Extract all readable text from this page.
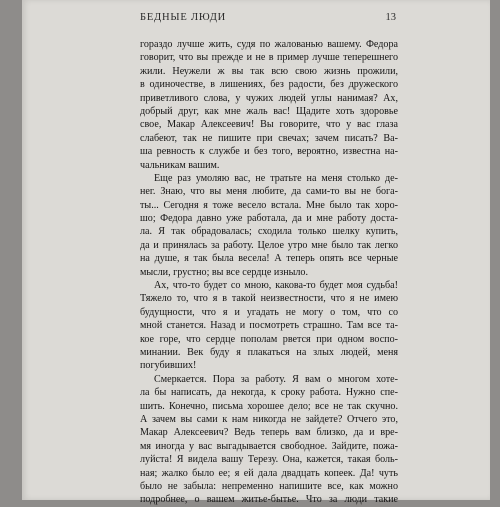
БЕДНЫЕ ЛЮДИ	13
гораздо лучше жить, судя по жалованью вашему. Федора
говорит, что вы прежде и не в пример лучше теперешнего
жили. Неужели ж вы так всю свою жизнь прожили,
в одиночестве, в лишениях, без радости, без дружеского
приветливого слова, у чужих людей углы нанимая? Ах,
добрый друг, как мне жаль вас! Щадите хоть здоровье
свое, Макар Алексеевич! Вы говорите, что у вас глаза
слабеют, так не пишите при свечах; зачем писать? Ва-
ша ревность к службе и без того, вероятно, известна на-
чальникам вашим.
Еще раз умоляю вас, не тратьте на меня столько де-
нег. Знаю, что вы меня любите, да сами-то вы не бога-
ты... Сегодня я тоже весело встала. Мне было так хоро-
шо; Федора давно уже работала, да и мне работу доста-
ла. Я так обрадовалась; сходила только шелку купить,
да и принялась за работу. Целое утро мне было так легко
на душе, я так была весела! А теперь опять все черные
мысли, грустно; вы все сердце изныло.
Ах, что-то будет со мною, какова-то будет моя судьба!
Тяжело то, что я в такой неизвестности, что я не имею
будущности, что я и угадать не могу о том, что со
мной станется. Назад и посмотреть страшно. Там все та-
кое горе, что сердце пополам рвется при одном воспо-
минании. Век буду я плакаться на злых людей, меня
погубивших!
Смеркается. Пора за работу. Я вам о многом хоте-
ла бы написать, да некогда, к сроку работа. Нужно спе-
шить. Конечно, письма хорошее дело; все не так скучно.
А зачем вы сами к нам никогда не зайдете? Отчего это,
Макар Алексеевич? Ведь теперь вам близко, да и вре-
мя иногда у вас выгадывается свободное. Зайдите, пожа-
луйста! Я видела вашу Терезу. Она, кажется, такая боль-
ная; жалко было ее; я ей дала двадцать копеек. Да! чуть
было не забыла: непременно напишите все, как можно
подробнее, о вашем житье-бытье. Что за люди такие
